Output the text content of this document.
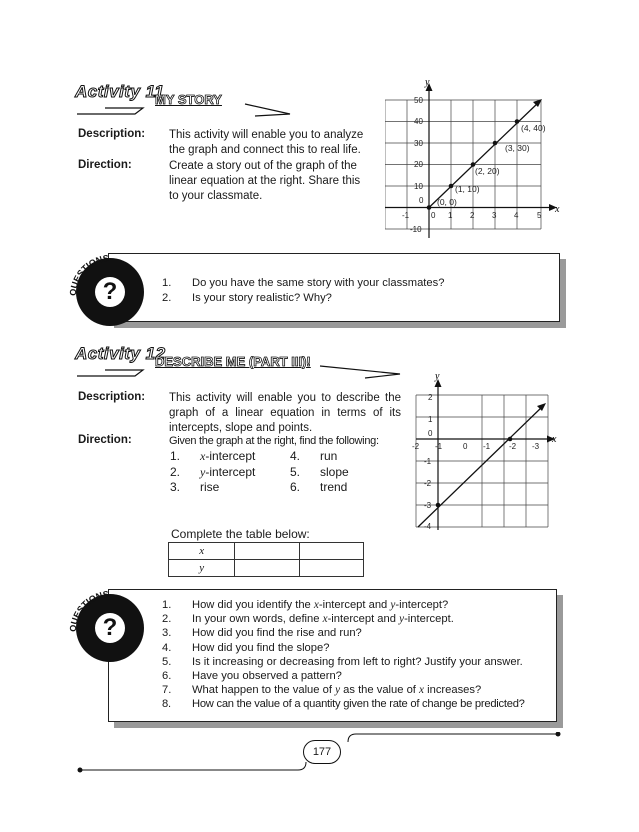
Activity 11
MY STORY
Description: This activity will enable you to analyze the graph and connect this to real life.
Direction:	Create a story out of the graph of the linear equation at the right. Share this to your classmate.
x
y
-1	0 1 2 3 4 5
50
40
30
20
10
0
-10
(0, 0)
(1, 10)
(2, 20)
(3, 30)
(4, 40)
?
QUESTIONS
1. Do you have the same story with your classmates?
2. Is your story realistic? Why?
Activity 12
DESCRIBE ME (PART III)!
Description: This activity will enable you to describe the graph of a linear equation in terms of its intercepts, slope and points.
Direction:	Given the graph at the right, find the following:
1. x-intercept
2. y-intercept
3. rise
4. run
5. slope
6. trend
Complete the table below:
x		
y		
x
y
-2 -1	0 -1 -2 -3
2
1
0
-1
-2
-3
-4
?
QUESTIONS
1. How did you identify the x-intercept and y-intercept?
2. In your own words, define x-intercept and y-intercept.
3. How did you find the rise and run?
4. How did you find the slope?
5. Is it increasing or decreasing from left to right? Justify your answer.
6. Have you observed a pattern?
7. What happen to the value of y as the value of x increases?
8. How can the value of a quantity given the rate of change be predicted?
177
